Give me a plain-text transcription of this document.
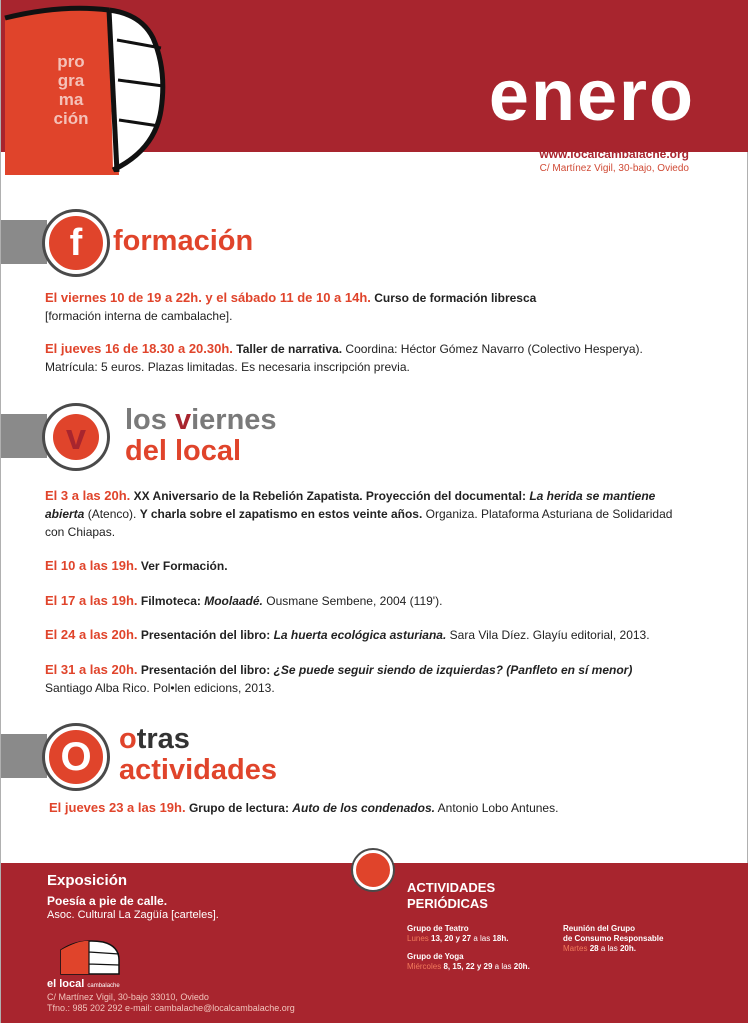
pro
gra
ma
ción	enero
www.localcambalache.org
C/ Martínez Vigil, 30-bajo, Oviedo
f	formación
El viernes 10 de 19 a 22h. y el sábado 11 de 10 a 14h. Curso de formación libresca
[formación interna de cambalache].
El jueves 16 de 18.30 a 20.30h. Taller de narrativa. Coordina: Héctor Gómez Navarro (Colectivo Hesperya). Matrícula: 5 euros. Plazas limitadas. Es necesaria inscripción previa.
v	los viernes
del local
El 3 a las 20h. XX Aniversario de la Rebelión Zapatista. Proyección del documental: La herida se mantiene abierta (Atenco). Y charla sobre el zapatismo en estos veinte años. Organiza. Plataforma Asturiana de Solidaridad con Chiapas.
El 10 a las 19h. Ver Formación.
El 17 a las 19h. Filmoteca: Moolaadé. Ousmane Sembene, 2004 (119').
El 24 a las 20h. Presentación del libro: La huerta ecológica asturiana. Sara Vila Díez. Glayíu editorial, 2013.
El 31 a las 20h. Presentación del libro: ¿Se puede seguir siendo de izquierdas? (Panfleto en sí menor)
Santiago Alba Rico. Pol•len edicions, 2013.
O otras
actividades
El jueves 23 a las 19h. Grupo de lectura: Auto de los condenados. Antonio Lobo Antunes.
Exposición
Poesía a pie de calle.
Asoc. Cultural La Zagüía [carteles].
ACTIVIDADES
PERIÓDICAS
Grupo de Teatro
Lunes 13, 20 y 27 a las 18h.
Grupo de Yoga
Miércoles 8, 15, 22 y 29 a las 20h.
Reunión del Grupo
de Consumo Responsable
Martes 28 a las 20h.
el local cambalache
C/ Martínez Vigil, 30-bajo 33010, Oviedo
Tfno.: 985 202 292 e-mail: cambalache@localcambalache.org
